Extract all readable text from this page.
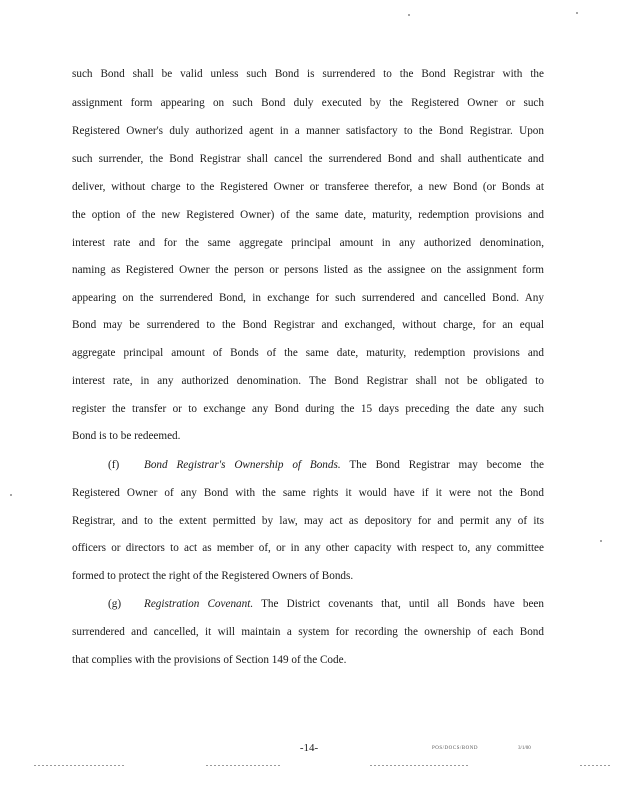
such Bond shall be valid unless such Bond is surrendered to the Bond Registrar with the
assignment form appearing on such Bond duly executed by the Registered Owner or such
Registered Owner's duly authorized agent in a manner satisfactory to the Bond Registrar. Upon
such surrender, the Bond Registrar shall cancel the surrendered Bond and shall authenticate and
deliver, without charge to the Registered Owner or transferee therefor, a new Bond (or Bonds at
the option of the new Registered Owner) of the same date, maturity, redemption provisions and
interest rate and for the same aggregate principal amount in any authorized denomination,
naming as Registered Owner the person or persons listed as the assignee on the assignment form
appearing on the surrendered Bond, in exchange for such surrendered and cancelled Bond. Any
Bond may be surrendered to the Bond Registrar and exchanged, without charge, for an equal
aggregate principal amount of Bonds of the same date, maturity, redemption provisions and
interest rate, in any authorized denomination. The Bond Registrar shall not be obligated to
register the transfer or to exchange any Bond during the 15 days preceding the date any such
Bond is to be redeemed.
(f) Bond Registrar's Ownership of Bonds. The Bond Registrar may become the
Registered Owner of any Bond with the same rights it would have if it were not the Bond
Registrar, and to the extent permitted by law, may act as depository for and permit any of its
officers or directors to act as member of, or in any other capacity with respect to, any committee
formed to protect the right of the Registered Owners of Bonds.
(g) Registration Covenant. The District covenants that, until all Bonds have been
surrendered and cancelled, it will maintain a system for recording the ownership of each Bond
that complies with the provisions of Section 149 of the Code.
-14-	POS/DOCS/BOND	3/1/00
